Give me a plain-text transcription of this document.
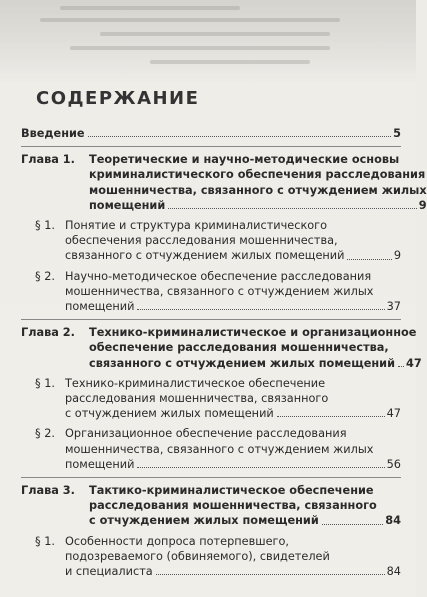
СОДЕРЖАНИЕ
Введение	5
Глава 1.	Теоретические и научно-методические основы
криминалистического обеспечения расследования
мошенничества, связанного с отчуждением жилых
помещений	9
§ 1. Понятие и структура криминалистического
обеспечения расследования мошенничества,
связанного с отчуждением жилых помещений	9
§ 2. Научно-методическое обеспечение расследования
мошенничества, связанного с отчуждением жилых
помещений	37
Глава 2.	Технико-криминалистическое и организационное
обеспечение расследования мошенничества,
связанного с отчуждением жилых помещений 47
§ 1. Технико-криминалистическое обеспечение
расследования мошенничества, связанного
с отчуждением жилых помещений	47
§ 2. Организационное обеспечение расследования
мошенничества, связанного с отчуждением жилых
помещений	56
Глава 3.	Тактико-криминалистическое обеспечение
расследования мошенничества, связанного
с отчуждением жилых помещений	84
§ 1. Особенности допроса потерпевшего,
подозреваемого (обвиняемого), свидетелей
и специалиста	84
